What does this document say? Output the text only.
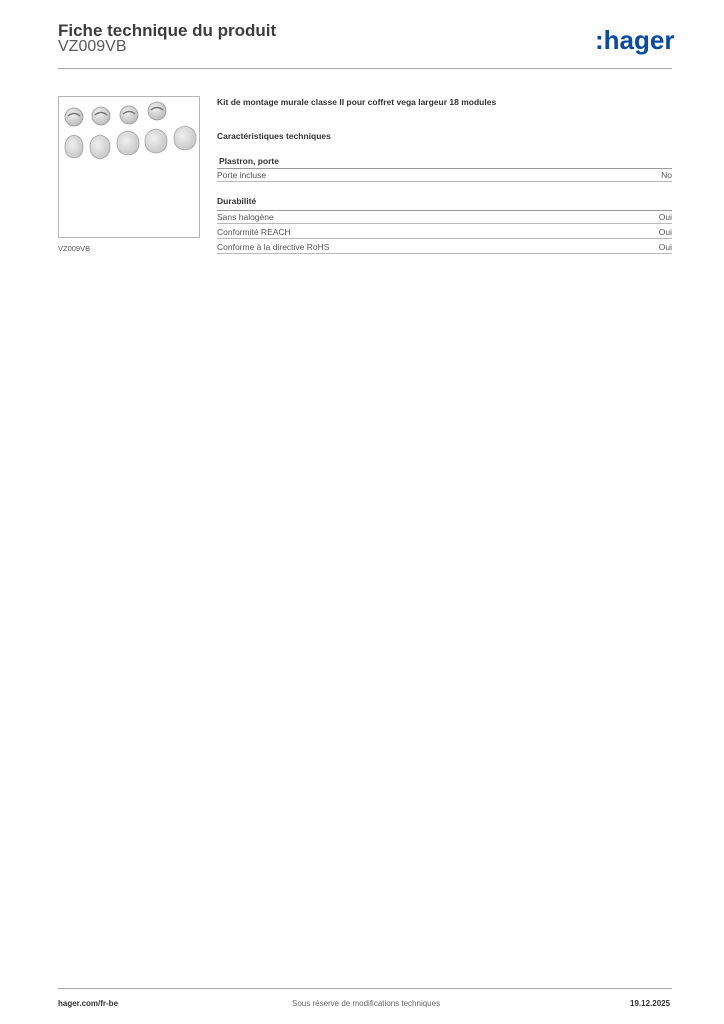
Fiche technique du produit
VZ009VB	:hager
VZ009VB
Kit de montage murale classe II pour coffret vega largeur 18 modules
Caractéristiques techniques
Plastron, porte
Porte incluse	No
Durabilité
Sans halogène	Oui
Conformité REACH	Oui
Conforme à la directive RoHS	Oui
hager.com/fr-be	Sous réserve de modifications techniques	19.12.2025
